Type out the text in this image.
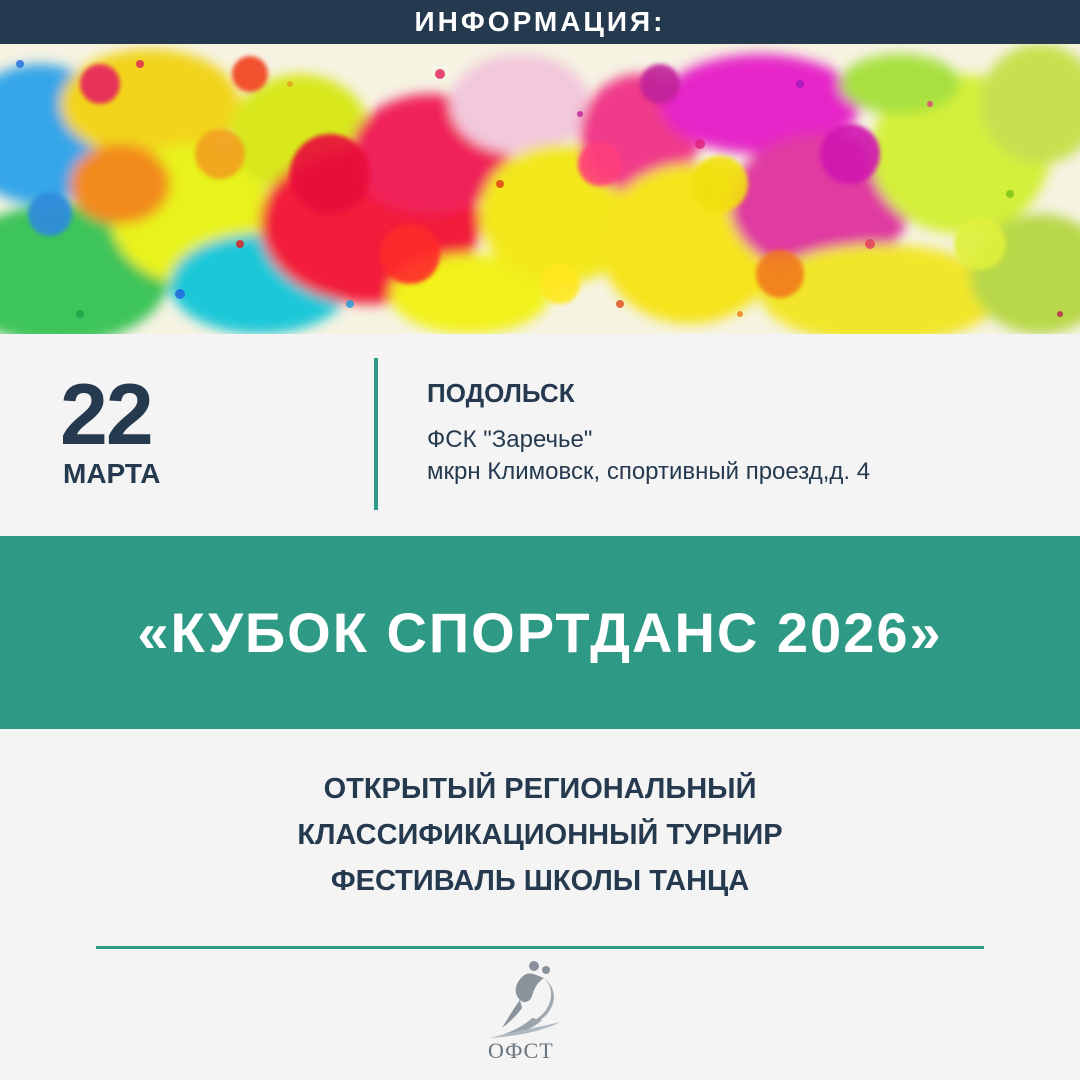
ИНФОРМАЦИЯ:
22
МАРТА
ПОДОЛЬСК
ФСК "Заречье"
мкрн Климовск, спортивный проезд,д. 4
«КУБОК СПОРТДАНС 2026»
ОТКРЫТЫЙ РЕГИОНАЛЬНЫЙ
КЛАССИФИКАЦИОННЫЙ ТУРНИР
ФЕСТИВАЛЬ ШКОЛЫ ТАНЦА
ОФСТ
